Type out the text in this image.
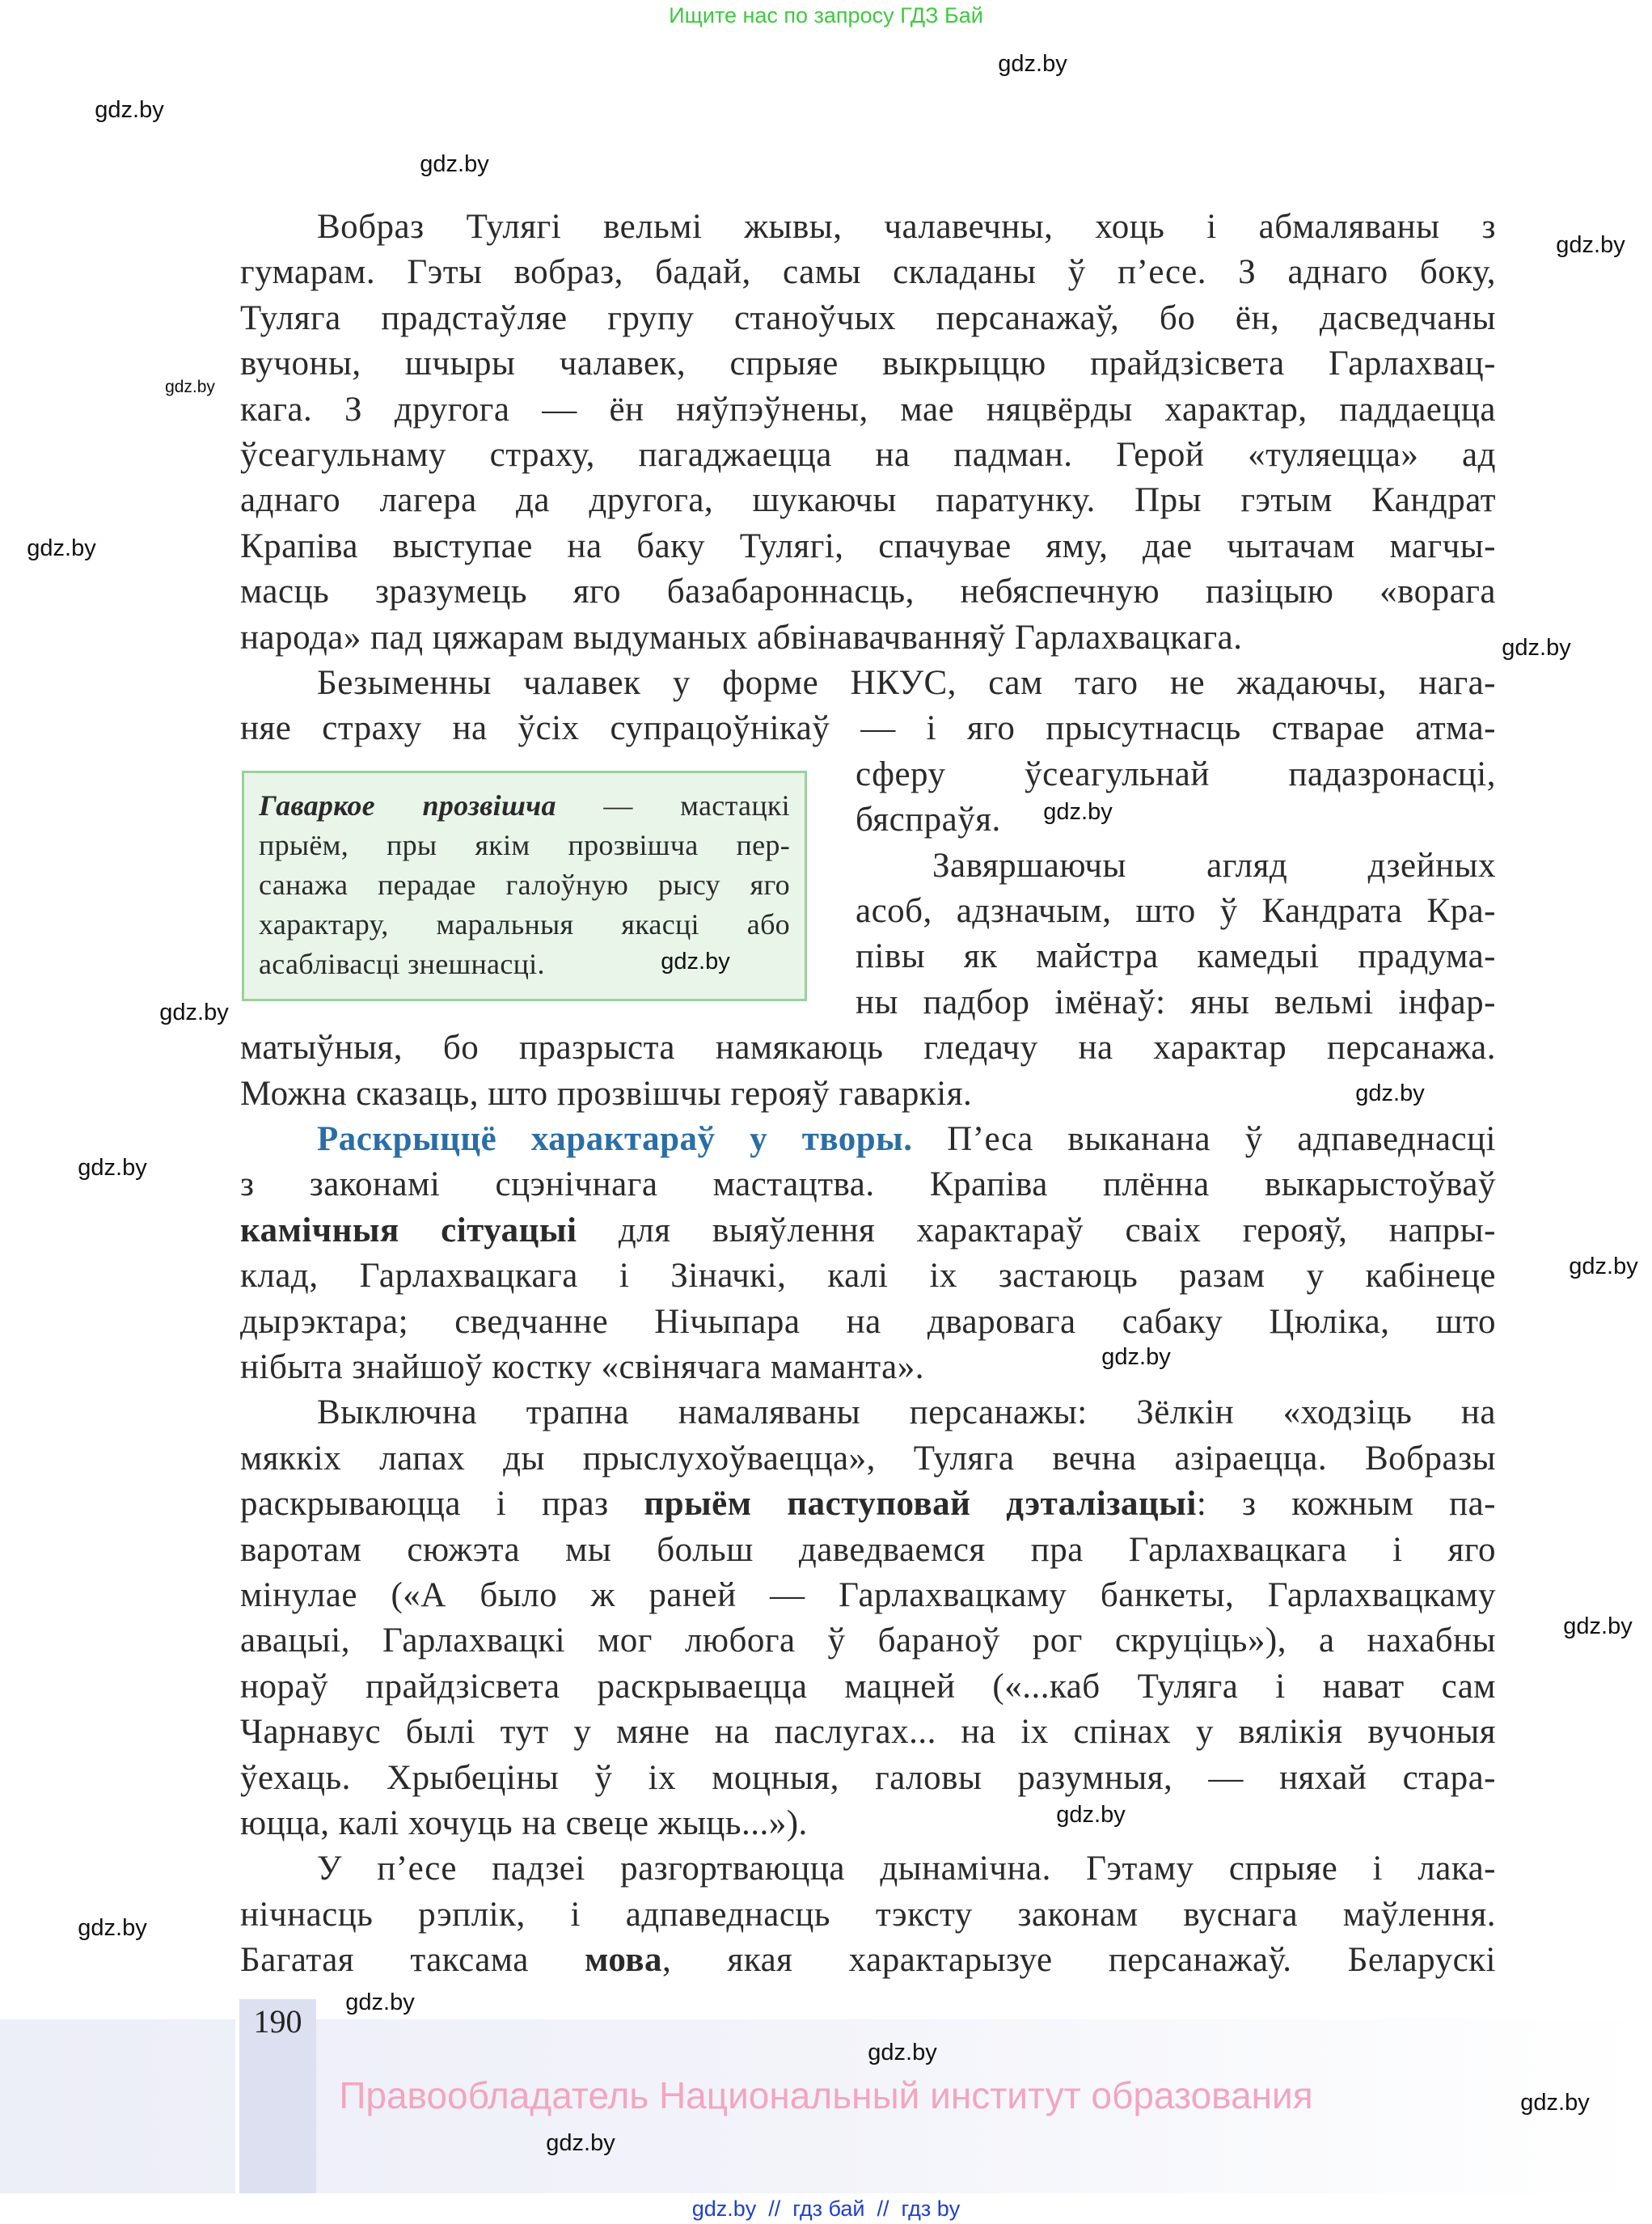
Ищите нас по запросу ГДЗ Бай
Вобраз Тулягі вельмі жывы, чалавечны, хоць і абмаляваны з
гумарам. Гэты вобраз, бадай, самы складаны ў п’есе. З аднаго боку,
Туляга прадстаўляе групу станоўчых персанажаў, бо ён, дасведчаны
вучоны, шчыры чалавек, спрыяе выкрыццю прайдзісвета Гарлахвац-
кага. З другога — ён няўпэўнены, мае няцвёрды характар, паддаецца
ўсеагульнаму страху, пагаджаецца на падман. Герой «туляецца» ад
аднаго лагера да другога, шукаючы паратунку. Пры гэтым Кандрат
Крапіва выступае на баку Тулягі, спачувае яму, дае чытачам магчы-
масць зразумець яго базабароннасць, небяспечную пазіцыю «ворага
народа» пад цяжарам выдуманых абвінавачванняў Гарлахвацкага.
Безыменны чалавек у форме НКУС, сам таго не жадаючы, нага-
няе страху на ўсіх супрацоўнікаў — і яго прысутнасць стварае атма-
сферу ўсеагульнай падазронасці,
бяспраўя.
Завяршаючы агляд дзейных
асоб, адзначым, што ў Кандрата Кра-
півы як майстра камедыі прадума-
ны падбор імёнаў: яны вельмі інфар-
матыўныя, бо празрыста намякаюць гледачу на характар персанажа.
Можна сказаць, што прозвішчы герояў гаваркія.
Раскрыццё характараў у творы. П’еса выканана ў адпаведнасці
з законамі сцэнічнага мастацтва. Крапіва плённа выкарыстоўваў
камічныя сітуацыі для выяўлення характараў сваіх герояў, напры-
клад, Гарлахвацкага і Зіначкі, калі іх застаюць разам у кабінеце
дырэктара; сведчанне Нічыпара на дваровага сабаку Цюліка, што
нібыта знайшоў костку «свінячага маманта».
Выключна трапна намаляваны персанажы: Зёлкін «ходзіць на
мяккіх лапах ды прыслухоўваецца», Туляга вечна азіраецца. Вобразы
раскрываюцца і праз прыём паступовай дэталізацыі: з кожным па-
варотам сюжэта мы больш даведваемся пра Гарлахвацкага і яго
мінулае («А было ж раней — Гарлахвацкаму банкеты, Гарлахвацкаму
авацыі, Гарлахвацкі мог любога ў бараноў рог скруціць»), а нахабны
нораў прайдзісвета раскрываецца мацней («...каб Туляга і нават сам
Чарнавус былі тут у мяне на паслугах... на іх спінах у вялікія вучоныя
ўехаць. Хрыбеціны ў іх моцныя, галовы разумныя, — няхай стара-
юцца, калі хочуць на свеце жыць...»).
У п’есе падзеі разгортваюцца дынамічна. Гэтаму спрыяе і лака-
нічнасць рэплік, і адпаведнасць тэксту законам вуснага маўлення.
Багатая таксама мова, якая характарызуе персанажаў. Беларускі
Гаваркое прозвішча — мастацкі
прыём, пры якім прозвішча пер-
санажа перадае галоўную рысу яго
характару, маральныя якасці або
асаблівасці знешнасці.
190
Правообладатель Национальный институт образования
gdz.by  //  гдз бай  //  гдз by
gdz.by
gdz.by
gdz.by
gdz.by
gdz.by
gdz.by
gdz.by
gdz.by
gdz.by
gdz.by
gdz.by
gdz.by
gdz.by
gdz.by
gdz.by
gdz.by
gdz.by
gdz.by
gdz.by
gdz.by
gdz.by
